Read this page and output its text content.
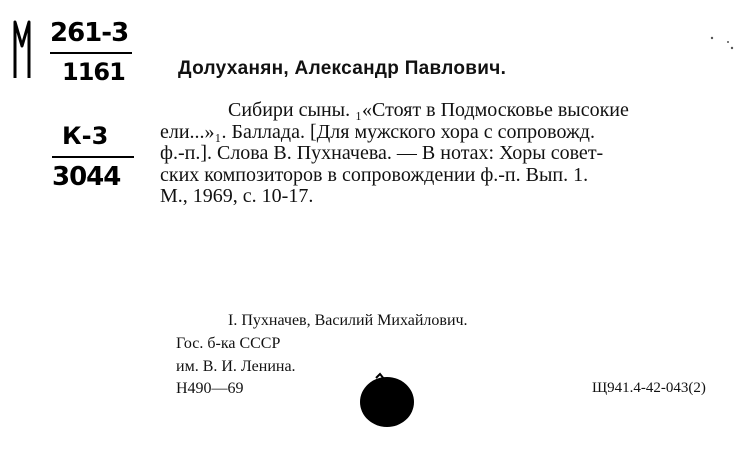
261-3
1161
К-3
3044
Долуханян, Александр Павлович.
Сибири сыны. ₁«Стоят в Подмосковье высокие
ели...»₁. Баллада. [Для мужского хора с сопровожд.
ф.-п.]. Слова В. Пухначева. — В нотах: Хоры совет-
ских композиторов в сопровождении ф.-п. Вып. 1.
М., 1969, с. 10-17.
I. Пухначев, Василий Михайлович.
Гос. б-ка СССР
им. В. И. Ленина.
Н490—69	Щ941.4-42-043(2)
